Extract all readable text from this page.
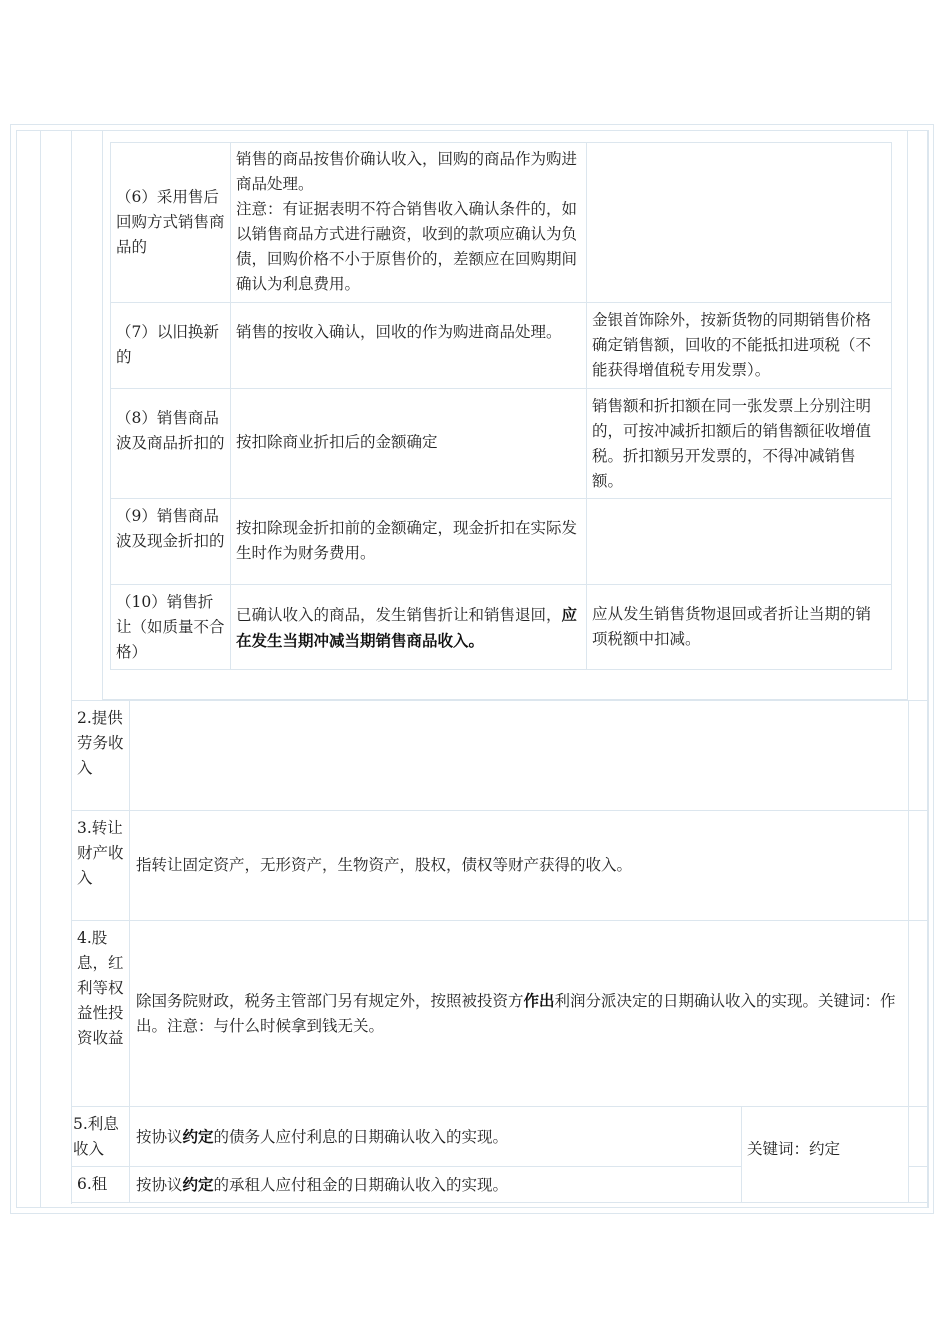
（6）采用售后回购方式销售商品的
销售的商品按售价确认收入，回购的商品作为购进商品处理。
注意：有证据表明不符合销售收入确认条件的，如以销售商品方式进行融资，收到的款项应确认为负债，回购价格不小于原售价的，差额应在回购期间确认为利息费用。
（7）以旧换新的
销售的按收入确认，回收的作为购进商品处理。
金银首饰除外，按新货物的同期销售价格确定销售额，回收的不能抵扣进项税（不能获得增值税专用发票）。
（8）销售商品波及商品折扣的 按扣除商业折扣后的金额确定
销售额和折扣额在同一张发票上分别注明的，可按冲减折扣额后的销售额征收增值税。折扣额另开发票的，不得冲减销售额。
（9）销售商品波及现金折扣的
按扣除现金折扣前的金额确定，现金折扣在实际发生时作为财务费用。
（10）销售折让（如质量不合格）
已确认收入的商品，发生销售折让和销售退回，应在发生当期冲减当期销售商品收入。
应从发生销售货物退回或者折让当期的销项税额中扣减。
2.提供劳务收入
3.转让财产收入
指转让固定资产，无形资产，生物资产，股权，债权等财产获得的收入。
4.股息，红利等权益性投资收益
除国务院财政，税务主管部门另有规定外，按照被投资方作出利润分派决定的日期确认收入的实现。关键词：作出。注意：与什么时候拿到钱无关。
5.利息收入
按协议约定的债务人应付利息的日期确认收入的实现。
关键词：约定
6.租	按协议约定的承租人应付租金的日期确认收入的实现。
